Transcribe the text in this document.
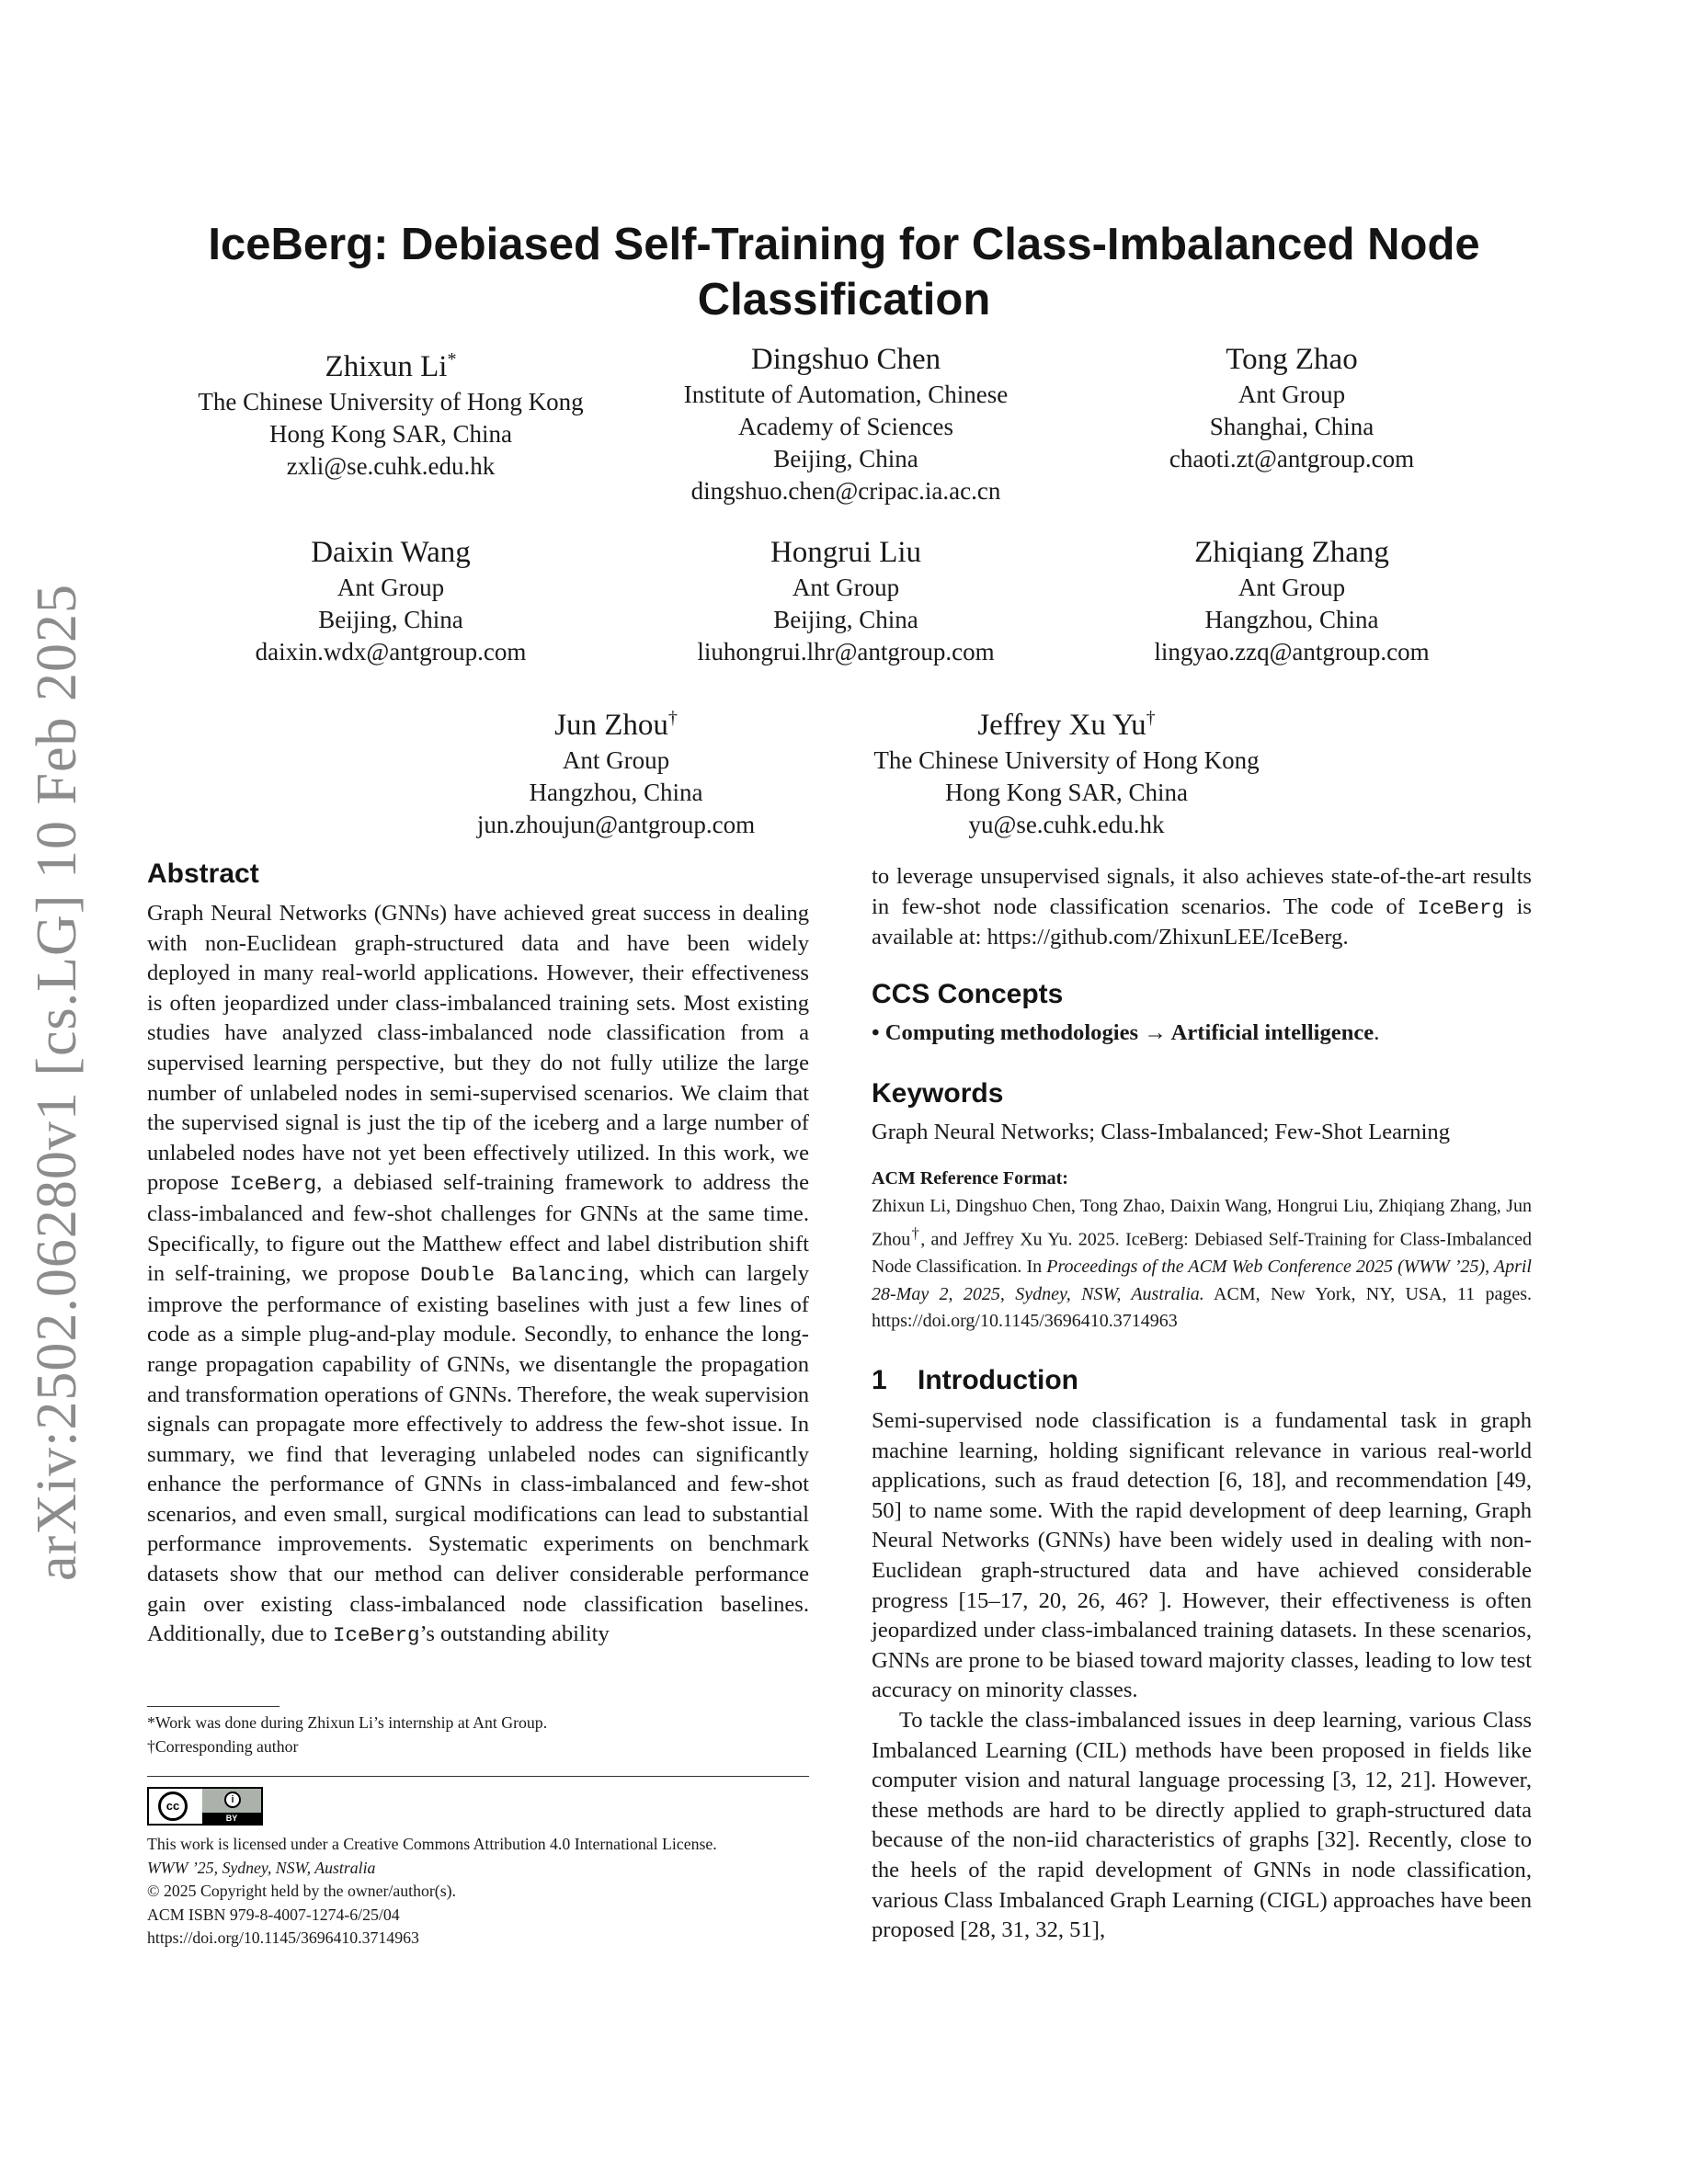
arXiv:2502.06280v1 [cs.LG] 10 Feb 2025
IceBerg: Debiased Self-Training for Class-Imbalanced Node Classification
Zhixun Li*
The Chinese University of Hong Kong
Hong Kong SAR, China
zxli@se.cuhk.edu.hk
Dingshuo Chen
Institute of Automation, Chinese
Academy of Sciences
Beijing, China
dingshuo.chen@cripac.ia.ac.cn
Tong Zhao
Ant Group
Shanghai, China
chaoti.zt@antgroup.com
Daixin Wang
Ant Group
Beijing, China
daixin.wdx@antgroup.com
Hongrui Liu
Ant Group
Beijing, China
liuhongrui.lhr@antgroup.com
Zhiqiang Zhang
Ant Group
Hangzhou, China
lingyao.zzq@antgroup.com
Jun Zhou†
Ant Group
Hangzhou, China
jun.zhoujun@antgroup.com
Jeffrey Xu Yu†
The Chinese University of Hong Kong
Hong Kong SAR, China
yu@se.cuhk.edu.hk
Abstract

Graph Neural Networks (GNNs) have achieved great success in dealing with non-Euclidean graph-structured data and have been widely deployed in many real-world applications. However, their effectiveness is often jeopardized under class-imbalanced training sets. Most existing studies have analyzed class-imbalanced node classification from a supervised learning perspective, but they do not fully utilize the large number of unlabeled nodes in semi-supervised scenarios. We claim that the supervised signal is just the tip of the iceberg and a large number of unlabeled nodes have not yet been effectively utilized. In this work, we propose IceBerg, a debiased self-training framework to address the class-imbalanced and few-shot challenges for GNNs at the same time. Specifically, to figure out the Matthew effect and label distribution shift in self-training, we propose Double Balancing, which can largely improve the performance of existing baselines with just a few lines of code as a simple plug-and-play module. Secondly, to enhance the long-range propagation capability of GNNs, we disentangle the propagation and transformation operations of GNNs. Therefore, the weak supervision signals can propagate more effectively to address the few-shot issue. In summary, we find that leveraging unlabeled nodes can significantly enhance the performance of GNNs in class-imbalanced and few-shot scenarios, and even small, surgical modifications can lead to substantial performance improvements. Systematic experiments on benchmark datasets show that our method can deliver considerable performance gain over existing class-imbalanced node classification baselines. Additionally, due to IceBerg’s outstanding ability

*Work was done during Zhixun Li’s internship at Ant Group.

†Corresponding author

cc	i
BY

This work is licensed under a Creative Commons Attribution 4.0 International License.

WWW ’25, Sydney, NSW, Australia

© 2025 Copyright held by the owner/author(s).

ACM ISBN 979-8-4007-1274-6/25/04

https://doi.org/10.1145/3696410.3714963

to leverage unsupervised signals, it also achieves state-of-the-art results in few-shot node classification scenarios. The code of IceBerg is available at: https://github.com/ZhixunLEE/IceBerg.

CCS Concepts

• Computing methodologies → Artificial intelligence.

Keywords

Graph Neural Networks; Class-Imbalanced; Few-Shot Learning

ACM Reference Format:

Zhixun Li, Dingshuo Chen, Tong Zhao, Daixin Wang, Hongrui Liu, Zhiqiang Zhang, Jun Zhou†, and Jeffrey Xu Yu. 2025. IceBerg: Debiased Self-Training for Class-Imbalanced Node Classification. In Proceedings of the ACM Web Conference 2025 (WWW ’25), April 28-May 2, 2025, Sydney, NSW, Australia. ACM, New York, NY, USA, 11 pages. https://doi.org/10.1145/3696410.3714963

1    Introduction

Semi-supervised node classification is a fundamental task in graph machine learning, holding significant relevance in various real-world applications, such as fraud detection [6, 18], and recommendation [49, 50] to name some. With the rapid development of deep learning, Graph Neural Networks (GNNs) have been widely used in dealing with non-Euclidean graph-structured data and have achieved considerable progress [15–17, 20, 26, 46? ]. However, their effectiveness is often jeopardized under class-imbalanced training datasets. In these scenarios, GNNs are prone to be biased toward majority classes, leading to low test accuracy on minority classes.

To tackle the class-imbalanced issues in deep learning, various Class Imbalanced Learning (CIL) methods have been proposed in fields like computer vision and natural language processing [3, 12, 21]. However, these methods are hard to be directly applied to graph-structured data because of the non-iid characteristics of graphs [32]. Recently, close to the heels of the rapid development of GNNs in node classification, various Class Imbalanced Graph Learning (CIGL) approaches have been proposed [28, 31, 32, 51],
